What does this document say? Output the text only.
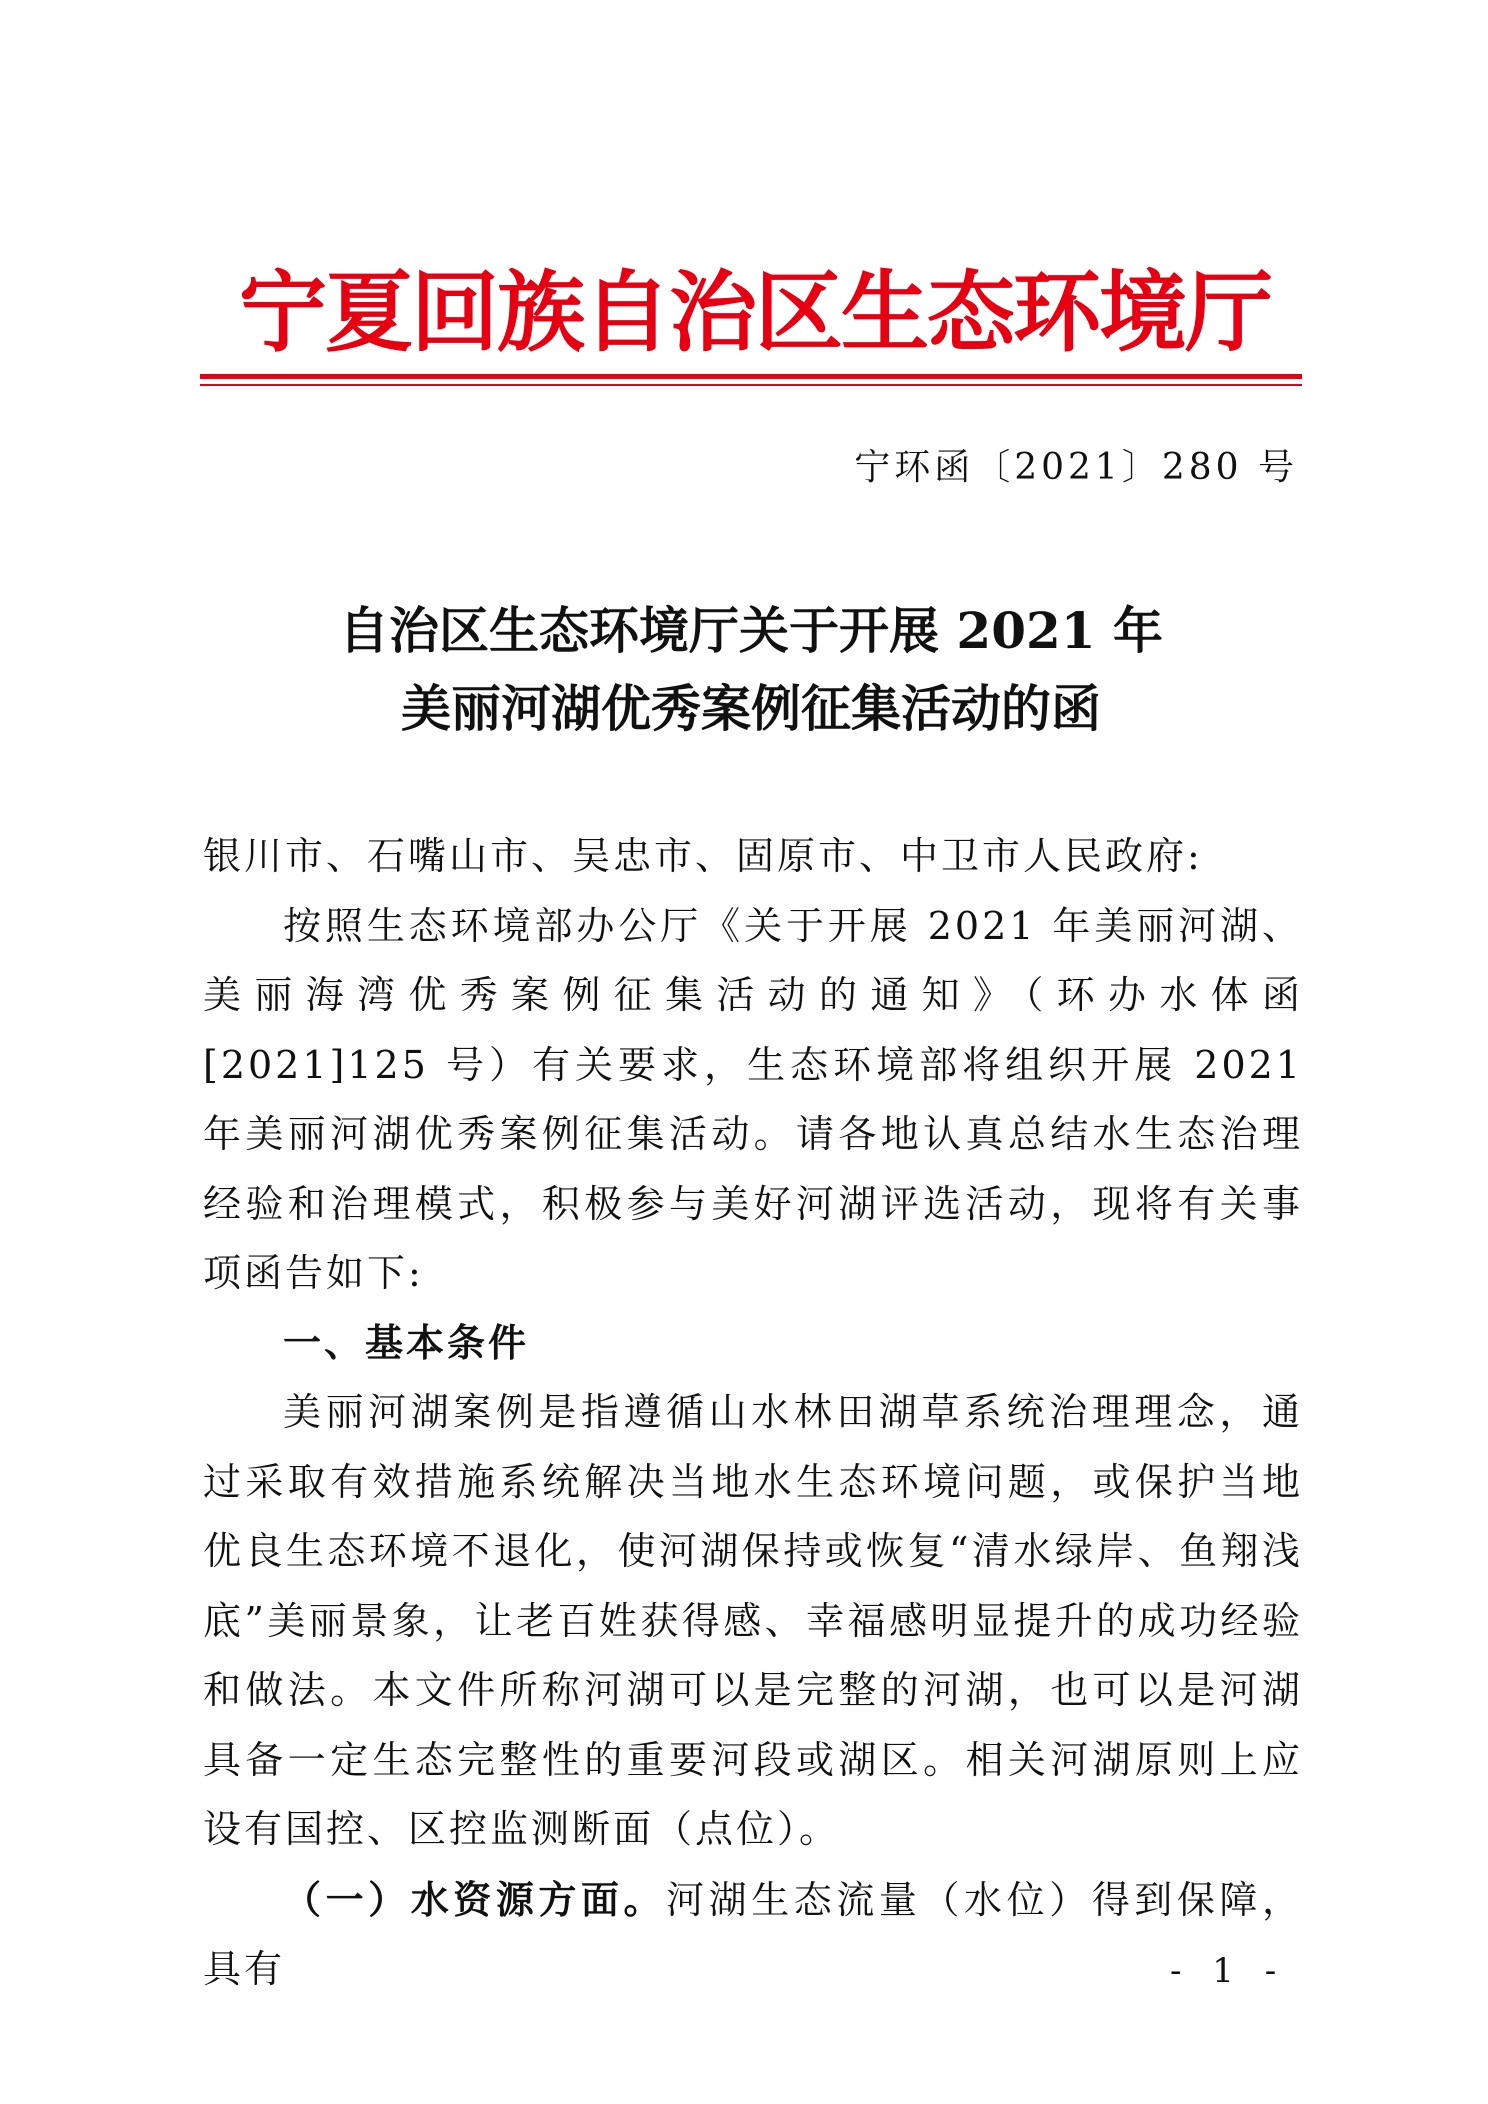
宁夏回族自治区生态环境厅
宁环函〔2021〕280 号
自治区生态环境厅关于开展 2021 年
美丽河湖优秀案例征集活动的函

银川市、石嘴山市、吴忠市、固原市、中卫市人民政府:

按照生态环境部办公厅《关于开展 2021 年美丽河湖、美丽海湾优秀案例征集活动的通知》（环办水体函[2021]125 号）有关要求，生态环境部将组织开展 2021 年美丽河湖优秀案例征集活动。请各地认真总结水生态治理经验和治理模式，积极参与美好河湖评选活动，现将有关事项函告如下:

一、基本条件

美丽河湖案例是指遵循山水林田湖草系统治理理念，通过采取有效措施系统解决当地水生态环境问题，或保护当地优良生态环境不退化，使河湖保持或恢复“清水绿岸、鱼翔浅底”美丽景象，让老百姓获得感、幸福感明显提升的成功经验和做法。本文件所称河湖可以是完整的河湖，也可以是河湖具备一定生态完整性的重要河段或湖区。相关河湖原则上应设有国控、区控监测断面（点位）。

（一）水资源方面。河湖生态流量（水位）得到保障，具有	- 1 -
